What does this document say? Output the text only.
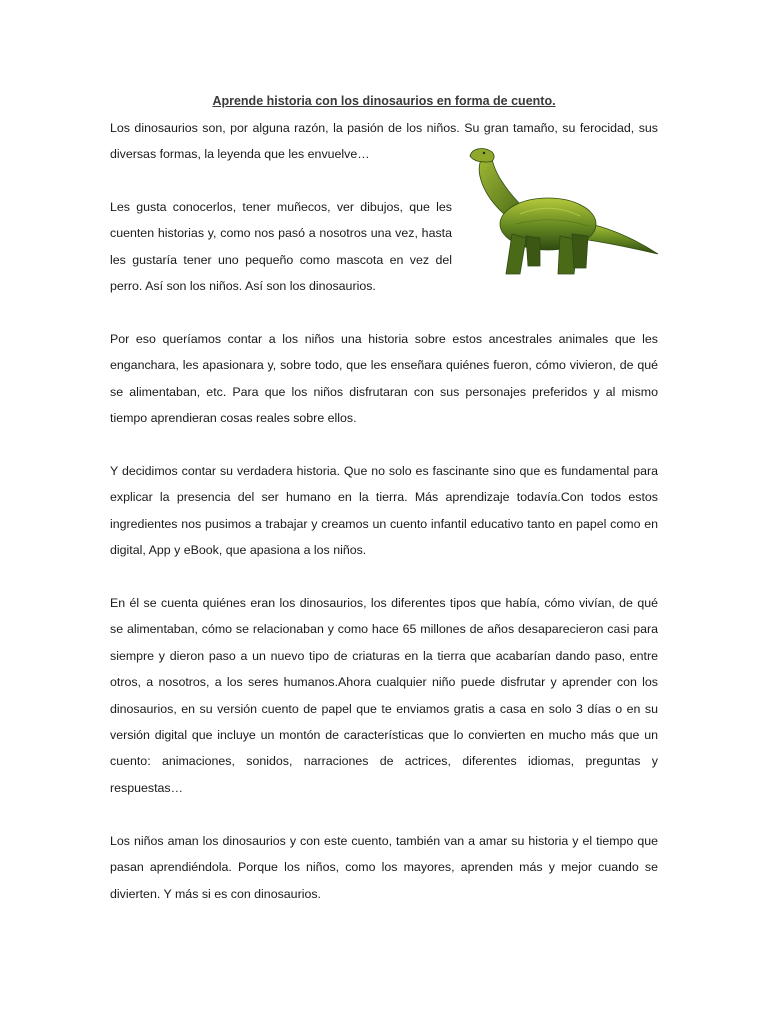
Aprende historia con los dinosaurios en forma de cuento.

Los dinosaurios son, por alguna razón, la pasión de los niños. Su gran tamaño, su ferocidad, sus diversas formas, la leyenda que les envuelve…

Les gusta conocerlos, tener muñecos, ver dibujos, que les cuenten historias y, como nos pasó a nosotros una vez, hasta les gustaría tener uno pequeño como mascota en vez del perro. Así son los niños. Así son los dinosaurios.

Por eso queríamos contar a los niños una historia sobre estos ancestrales animales que les enganchara, les apasionara y, sobre todo, que les enseñara quiénes fueron, cómo vivieron, de qué se alimentaban, etc. Para que los niños disfrutaran con sus personajes preferidos y al mismo tiempo aprendieran cosas reales sobre ellos.

Y decidimos contar su verdadera historia. Que no solo es fascinante sino que es fundamental para explicar la presencia del ser humano en la tierra. Más aprendizaje todavía.Con todos estos ingredientes nos pusimos a trabajar y creamos un cuento infantil educativo tanto en papel como en digital, App y eBook, que apasiona a los niños.

En él se cuenta quiénes eran los dinosaurios, los diferentes tipos que había, cómo vivían, de qué se alimentaban, cómo se relacionaban y como hace 65 millones de años desaparecieron casi para siempre y dieron paso a un nuevo tipo de criaturas en la tierra que acabarían dando paso, entre otros, a nosotros, a los seres humanos.Ahora cualquier niño puede disfrutar y aprender con los dinosaurios, en su versión cuento de papel que te enviamos gratis a casa en solo 3 días o en su versión digital que incluye un montón de características que lo convierten en mucho más que un cuento: animaciones, sonidos, narraciones de actrices, diferentes idiomas, preguntas y respuestas…

Los niños aman los dinosaurios y con este cuento, también van a amar su historia y el tiempo que pasan aprendiéndola. Porque los niños, como los mayores, aprenden más y mejor cuando se divierten. Y más si es con dinosaurios.
